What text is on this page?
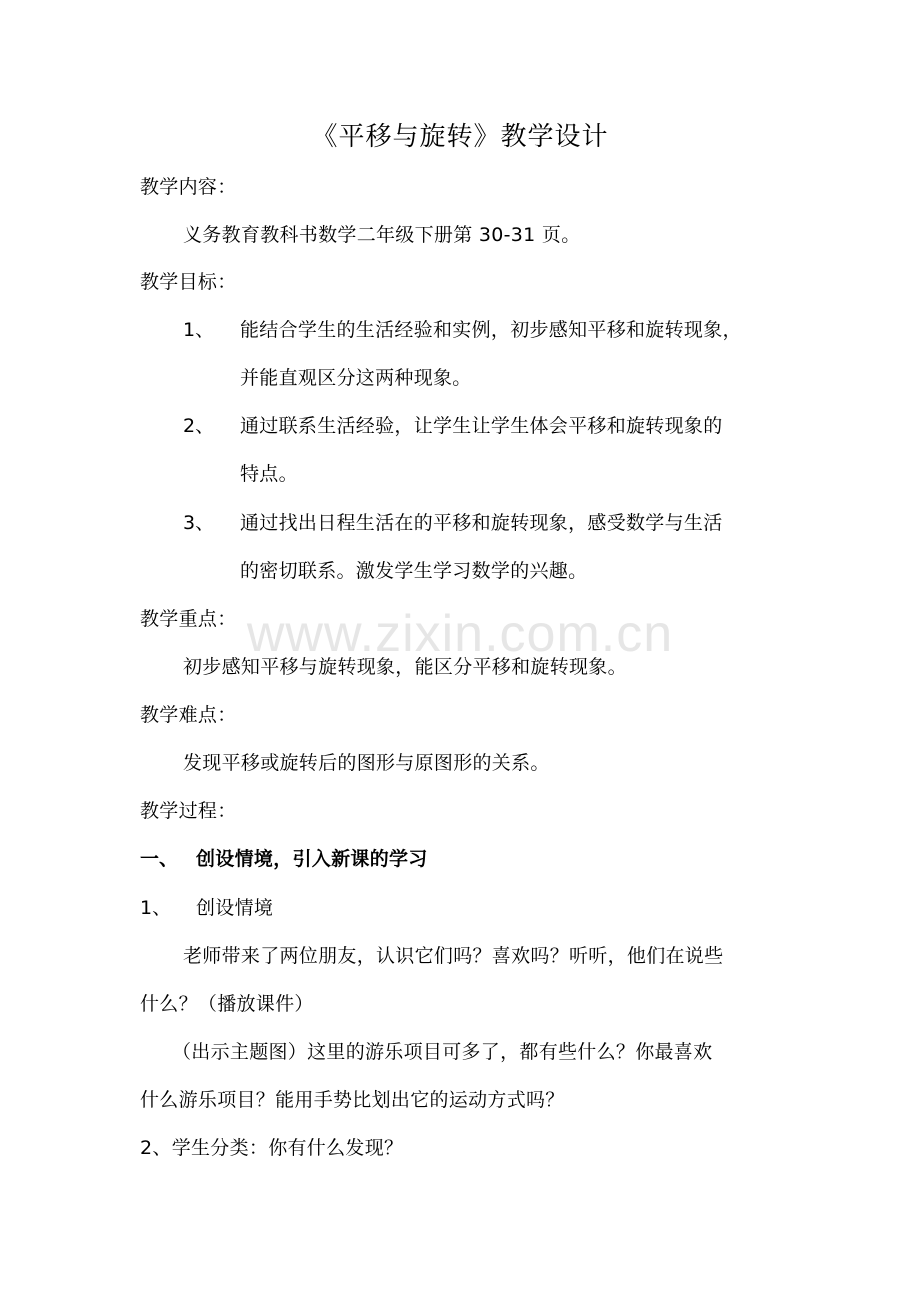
《平移与旋转》教学设计
教学内容：
义务教育教科书数学二年级下册第 30-31 页。
教学目标：
1、 能结合学生的生活经验和实例，初步感知平移和旋转现象，
并能直观区分这两种现象。
2、 通过联系生活经验，让学生让学生体会平移和旋转现象的
特点。
3、 通过找出日程生活在的平移和旋转现象，感受数学与生活
的密切联系。激发学生学习数学的兴趣。
教学重点：
初步感知平移与旋转现象，能区分平移和旋转现象。
教学难点：
发现平移或旋转后的图形与原图形的关系。
教学过程：
一、 创设情境，引入新课的学习
1、 创设情境
老师带来了两位朋友，认识它们吗？喜欢吗？听听，他们在说些
什么？（播放课件）
（出示主题图）这里的游乐项目可多了，都有些什么？你最喜欢
什么游乐项目？能用手势比划出它的运动方式吗？
2、学生分类：你有什么发现？
www.zixin.com.cn
